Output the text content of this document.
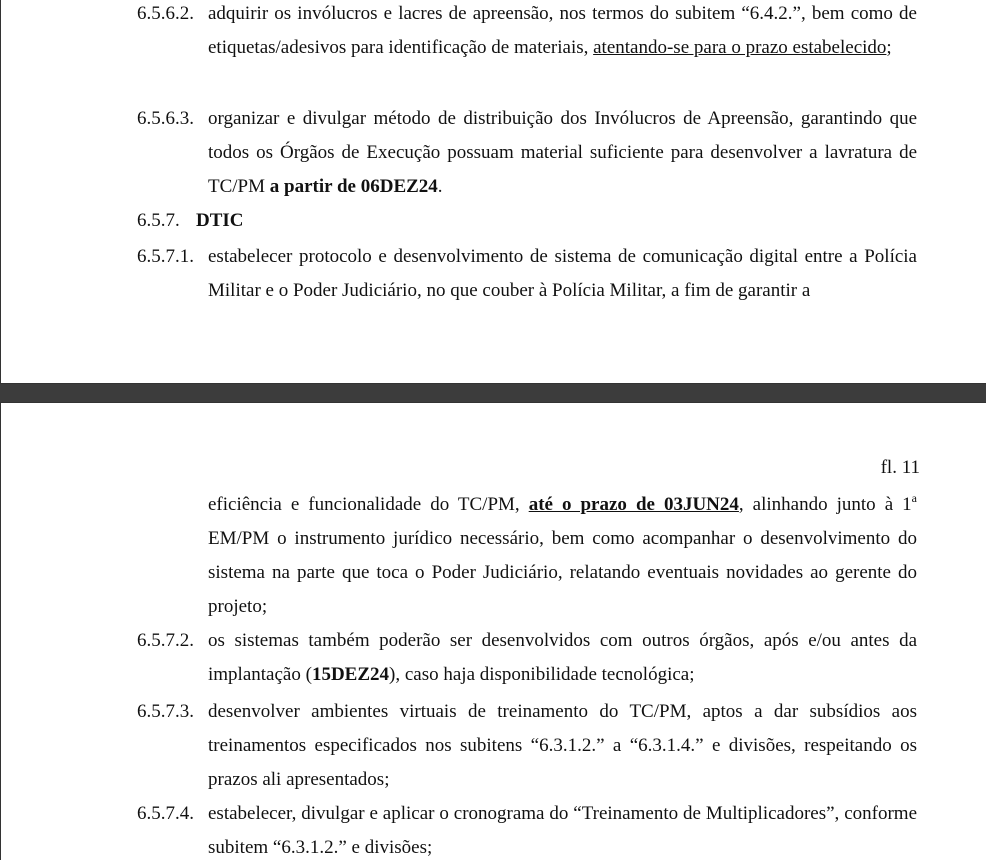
6.5.6.2. adquirir os invólucros e lacres de apreensão, nos termos do subitem “6.4.2.”, bem como de etiquetas/adesivos para identificação de materiais, atentando-se para o prazo estabelecido;
6.5.6.3. organizar e divulgar método de distribuição dos Invólucros de Apreensão, garantindo que todos os Órgãos de Execução possuam material suficiente para desenvolver a lavratura de TC/PM a partir de 06DEZ24.
6.5.7. DTIC
6.5.7.1. estabelecer protocolo e desenvolvimento de sistema de comunicação digital entre a Polícia Militar e o Poder Judiciário, no que couber à Polícia Militar, a fim de garantir a
fl. 11
eficiência e funcionalidade do TC/PM, até o prazo de 03JUN24, alinhando junto à 1$^a$ EM/PM o instrumento jurídico necessário, bem como acompanhar o desenvolvimento do sistema na parte que toca o Poder Judiciário, relatando eventuais novidades ao gerente do projeto;
6.5.7.2. os sistemas também poderão ser desenvolvidos com outros órgãos, após e/ou antes da implantação (15DEZ24), caso haja disponibilidade tecnológica;
6.5.7.3. desenvolver ambientes virtuais de treinamento do TC/PM, aptos a dar subsídios aos treinamentos especificados nos subitens “6.3.1.2.” a “6.3.1.4.” e divisões, respeitando os prazos ali apresentados;
6.5.7.4. estabelecer, divulgar e aplicar o cronograma do “Treinamento de Multiplicadores”, conforme subitem “6.3.1.2.” e divisões;
